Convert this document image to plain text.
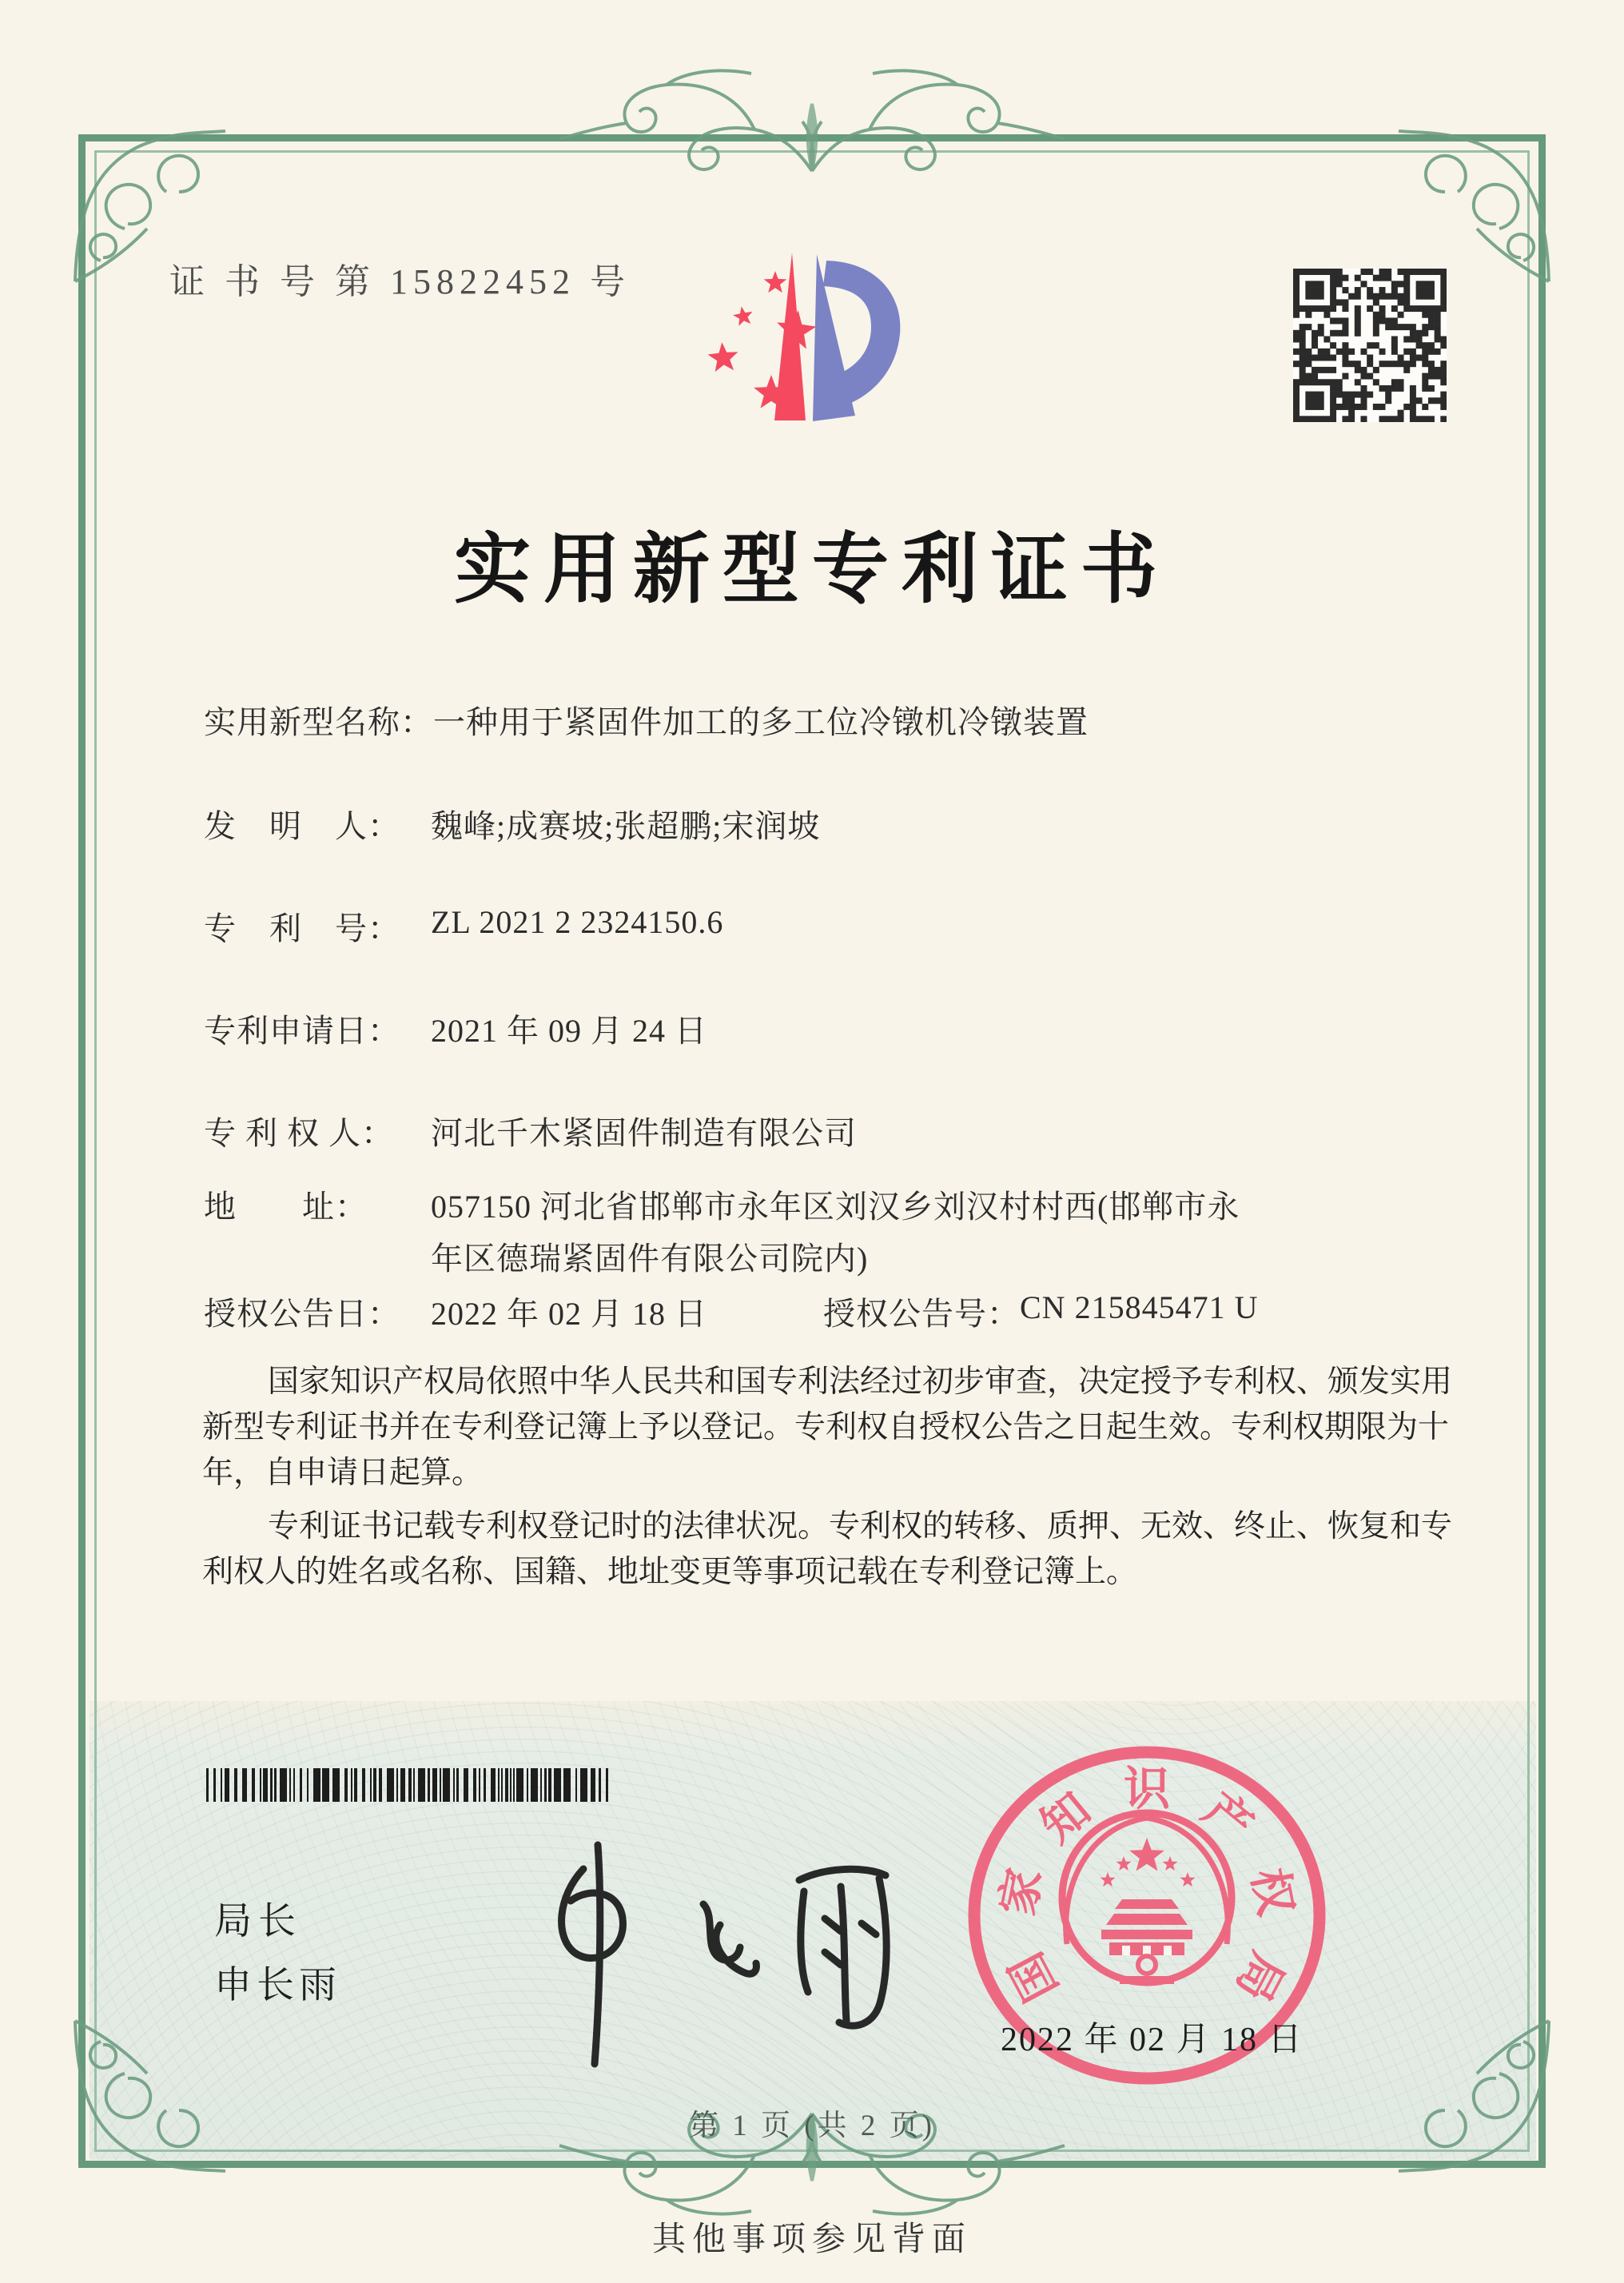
证 书 号 第 15822452 号
实用新型专利证书
实用新型名称： 一种用于紧固件加工的多工位冷镦机冷镦装置
发　明　人： 魏峰;成赛坡;张超鹏;宋润坡
专　利　号： ZL 2021 2 2324150.6
专利申请日： 2021 年 09 月 24 日
专 利 权 人：	河北千木紧固件制造有限公司
地　　址：	057150 河北省邯郸市永年区刘汉乡刘汉村村西(邯郸市永
年区德瑞紧固件有限公司院内)
授权公告日： 2022 年 02 月 18 日	授权公告号： CN 215845471 U
国家知识产权局依照中华人民共和国专利法经过初步审查，决定授予专利权、颁发实用
新型专利证书并在专利登记簿上予以登记。专利权自授权公告之日起生效。专利权期限为十
年，自申请日起算。
专利证书记载专利权登记时的法律状况。专利权的转移、质押、无效、终止、恢复和专
利权人的姓名或名称、国籍、地址变更等事项记载在专利登记簿上。
局长
申长雨	国
家
知 识 产
权
局
2022 年 02 月 18 日
第 1 页 (共 2 页)
其他事项参见背面
